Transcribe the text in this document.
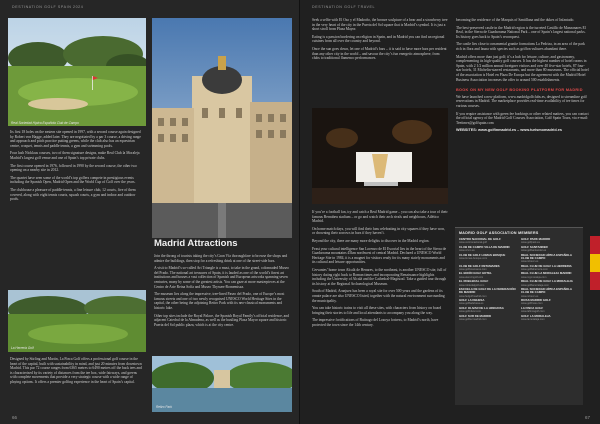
DESTINATION GOLF SPAIN 2024
Real Sociedad Hípica Española Club de Campo

Its first 18 holes on the eastern site opened in 1997, with a second course again designed by Robert von Hagge, added later. They are negotiated by a par 3 course, a driving range and approach and pitch practice putting greens, while the club also has an equestrian centre, croquet, tennis and paddle tennis, a gym and swimming pools.

Four lush Nicklaus courses, two of them signature designs, make Real Club la Moraleja Madrid’s largest golf venue and one of Spain’s top private clubs.

The first course opened in 1976, followed in 1990 by the second course, the other two opening on a nearby site in 2012.

The quartet have seen some of the world’s top golfers compete in prestigious events including the Spanish Open, Madrid Open and the World Cup of Golf over the years.

The clubhouse a pleasure of paddle-tennis, a fine leisure club, 12 courts, five of them covered, along with eight tennis courts, squash courts, a gym and indoor and outdoor pools.

La Herreria Golf

Designed by Stirling and Martin, La Finca Golf offers a professional golf course in the heart of the capital, built with sustainability in mind, and just 20 minutes from downtown Madrid. This par 72 course ranges from 6365 metres to 6490 metres off the back tees and is characterised by its variety of distances from the tee box, wide fairways, and greens with complete movements that provide a very strategic course with a wide range of playing options. It offers a premier golfing experience in the heart of Spain’s capital.

Madrid Attractions

Join the throng of tourists taking the city’s Gran Vía thoroughfare to browse the shops and admire the buildings, then stop for a refreshing drink at one of the street-side bars.

A visit to Madrid’s so-called Art Triangle is a must, to take in the grand, colonnaded Museo del Prado. The national art treasures of Spain, it is lauded as one of the world’s finest art institutions and houses a vast collection of Spanish and European artworks spanning seven centuries, many by some of the greatest artists. You can gaze at more masterpieces at the Centro de Arte Reina Sofía and Museo Thyssen-Bornemisza.

The museum lies along the impressive, tree-lined Paseo del Prado, one of Europe’s most famous streets and one of two newly recognised UNESCO World Heritage Sites in the capital, the other being the adjoining Retiro Park with its neo-classical monuments and historic lake.

Other top sites include the Royal Palace, the Spanish Royal Family’s official residence, and adjacent Catedral de la Almudena, as well as the bustling Plaza Mayor square and historic Puerta del Sol public plaza, which is at the city centre.

Retiro Park
66
DESTINATION GOLF TRAVEL

Seek a selfie with El Oso y el Madroño, the bronze sculpture of a bear and a strawberry tree in the very heart of the city in the Puerta del Sol square that is Madrid’s symbol. It is just a short stroll from Plaza Mayor.

Eating is a passion bordering on religion in Spain, and in Madrid you can find an regional cuisines from all over the country and beyond.

Once the sun goes down, let one of Madrid’s bars – it is said to have more bars per resident than any other city in the world – and savour the city’s fun energetic atmosphere, from clubs to traditional flamenco performances.

If you’re a football fan, try and catch a Real Madrid game – you can also take a tour of their famous Bernabeu stadium – or go and watch their arch rivals and neighbours, Atlético Madrid.

On home match days, you will find their fans celebrating in city squares if they have won, or drowning their sorrows in bars if they haven’t.

Beyond the city, there are many more delights to discover in the Madrid region.

Feast your cultural intelligence San Lorenzo de El Escorial lies in the heart of the Sierra de Guadarrama mountains 45km northwest of central Madrid. Declared a UNESCO World Heritage Site in 1984, it is a magnet for visitors ready for its many stately monuments and its cultural and leisure opportunities.

Cervantes’ home town Alcalá de Henares, to the northeast, is another UNESCO site, full of history dating right back to Roman times and incorporating Renaissance highlights including the University of Alcalá and the Cathedral-Magistral. Take a guided tour through its history at the Regional Archaeological Museum.

South of Madrid, Aranjuez has been a royal site for over 500 years and the gardens of its ornate palace are also UNESCO listed, together with the natural environment surrounding the municipality.

You can take historic trains to visit all these sites, with characters from history on board bringing their stories to life and local attendants to accompany you along the way.

The impressive fortifications of Buitrago del Lozoya fortress, to Madrid’s north, have protected the town since the 14th century.

becoming the residence of the Marquis of Santillana and the dukes of Infantado.

The best-preserved castle in the Madrid region is the turreted Castillo de Manzanares El Real, in the Sierra de Guadarrama National Park – one of Spain’s largest national parks. Its history goes back to Spain’s reconquest.

The castle lies close to ornamental granite formations La Pedriza, in an area of the park rich in flora and fauna with species such as griffon vultures abundant there.

Madrid offers more than just golf; it’s a hub for leisure, culture, and gastronomy, complementing its high-quality golf courses. It has the highest number of hotel rooms in Spain, with 2 1/2 million annual foreigner visitors and over 40 five-star hotels, 87 four-star hotels, 31 Michelin-starred restaurants, and more than 80 museums. The official hotel of the association is Hotel en Plaza De Europa but the agreement with the Madrid Hotel Business Association increases the offer to around 500 establishments.

BOOK ON MY NEW GOLF BOOKING PLATFORM FOR MADRID

We have launched a new platform, www.madridgolfclubs.es, designed to streamline golf reservations in Madrid. The marketplace provides real-time availability of tee times for various courses.

If you require assistance with green fee bookings or other related matters, you can contact the official agency of the Madrid Golf Courses Association, Golf Spain Tours, via e-mail: Teetimes@golfspain.com

WEBSITES: www.golfinmadrid.es – www.turismomadrid.es
67
MADRID GOLF ASSOCIATION MEMBERS
CENTRO NACIONAL DE GOLF
www.centronacional.golf
GOLF PARK MADRID
www.golfpark.es
CLUB DE CAMPO VILLA DE MADRID
www.ccvm.es
GOLF SANTANDER
www.golfsantander.es
CLUB DE GOLF LOMAS BOSQUE
www.lomas-bosque.com
REAL SOCIEDAD HÍPICA ESPAÑOLA CLUB DE CAMPO
www.rshecc.es
CLUB DE GOLF RETAMARES
www.golfretamares.com
REAL CLUB DE GOLF LA HERRERIA
www.golflaherreria.com
EL ENCÍN GOLF HOTEL
www.elencingolf.com
REAL CLUB LA MORALEJA MADRID
www.rcgmoraleja.com
EL ROBLEDAL GOLF
www.robledalgolf.com
REAL CLUB DE GOLF LA MORALEJA
www.golflamoraleja.com
ESCUELA DE GOLF DE LA FEDERACIÓN DE MADRID
www.fedgolfmadrid.com
REAL SOCIEDAD HÍPICA ESPAÑOLA CLUB DE CAMPO
www.rshecc.es
GOLF LA DEHESA
www.golfladehesa.es
RIVAS MADRID GOLF
www.golfrivas.com
GOLF OLIVAR DE LA HINOJOSA
www.golfolivar.com
LA FINCA GOLF
www.lafincagolf.com
GOLF SUR DE MADRID
www.golfsurmadrid.com
GOLF LA MORALEJA
www.lamoraleja.com
